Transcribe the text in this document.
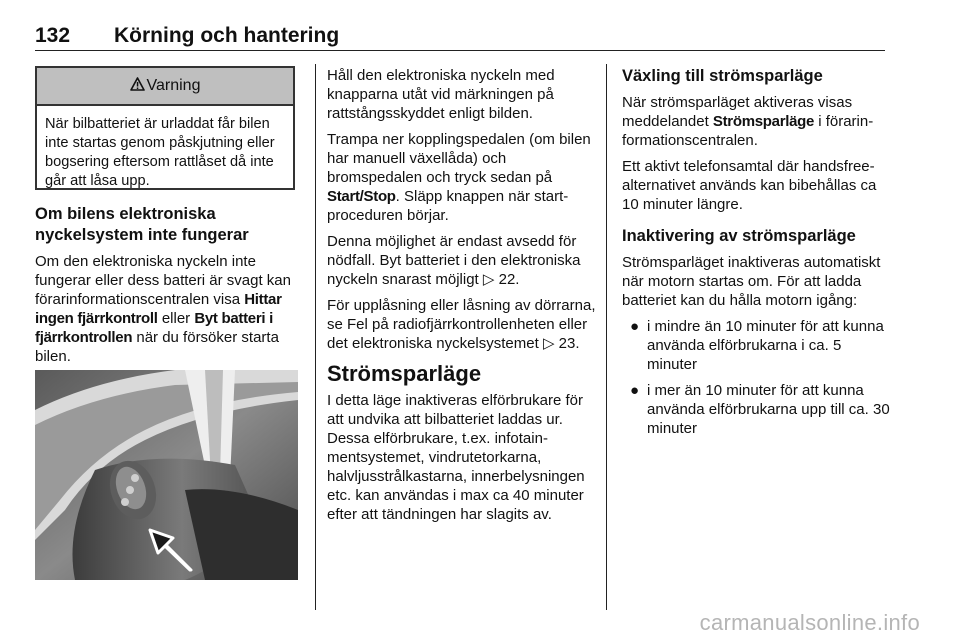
132 Körning och hantering
Varning
När bilbatteriet är urladdat får bilen inte startas genom påskjutning eller bogsering eftersom rattlåset då inte går att låsa upp.
Om bilens elektroniska nyckelsystem inte fungerar

Om den elektroniska nyckeln inte fungerar eller dess batteri är svagt kan förarinformationscentralen visa Hittar ingen fjärrkontroll eller Byt batteri i fjärrkontrollen när du försöker starta bilen.

Håll den elektroniska nyckeln med knapparna utåt vid märkningen på rattstångsskyddet enligt bilden.

Trampa ner kopplingspedalen (om bilen har manuell växellåda) och bromspedalen och tryck sedan på Start/Stop. Släpp knappen när startproceduren börjar.

Denna möjlighet är endast avsedd för nödfall. Byt batteriet i den elektroniska nyckeln snarast möjligt ▷ 22.

För upplåsning eller låsning av dörrarna, se Fel på radiofjärrkontrollenheten eller det elektroniska nyckelsystemet ▷ 23.

Strömsparläge

I detta läge inaktiveras elförbrukare för att undvika att bilbatteriet laddas ur. Dessa elförbrukare, t.ex. infotainmentsystemet, vindrutetorkarna, halvljusstrålkastarna, innerbelysningen etc. kan användas i max ca 40 minuter efter att tändningen har slagits av.

Växling till strömsparläge

När strömsparläget aktiveras visas meddelandet Strömsparläge i förarinformationscentralen.

Ett aktivt telefonsamtal där handsfree-alternativet används kan bibehållas ca 10 minuter längre.

Inaktivering av strömsparläge

Strömsparläget inaktiveras automatiskt när motorn startas om. För att ladda batteriet kan du hålla motorn igång:

● i mindre än 10 minuter för att kunna använda elförbrukarna i ca. 5 minuter
● i mer än 10 minuter för att kunna använda elförbrukarna upp till ca. 30 minuter
carmanualsonline.info
